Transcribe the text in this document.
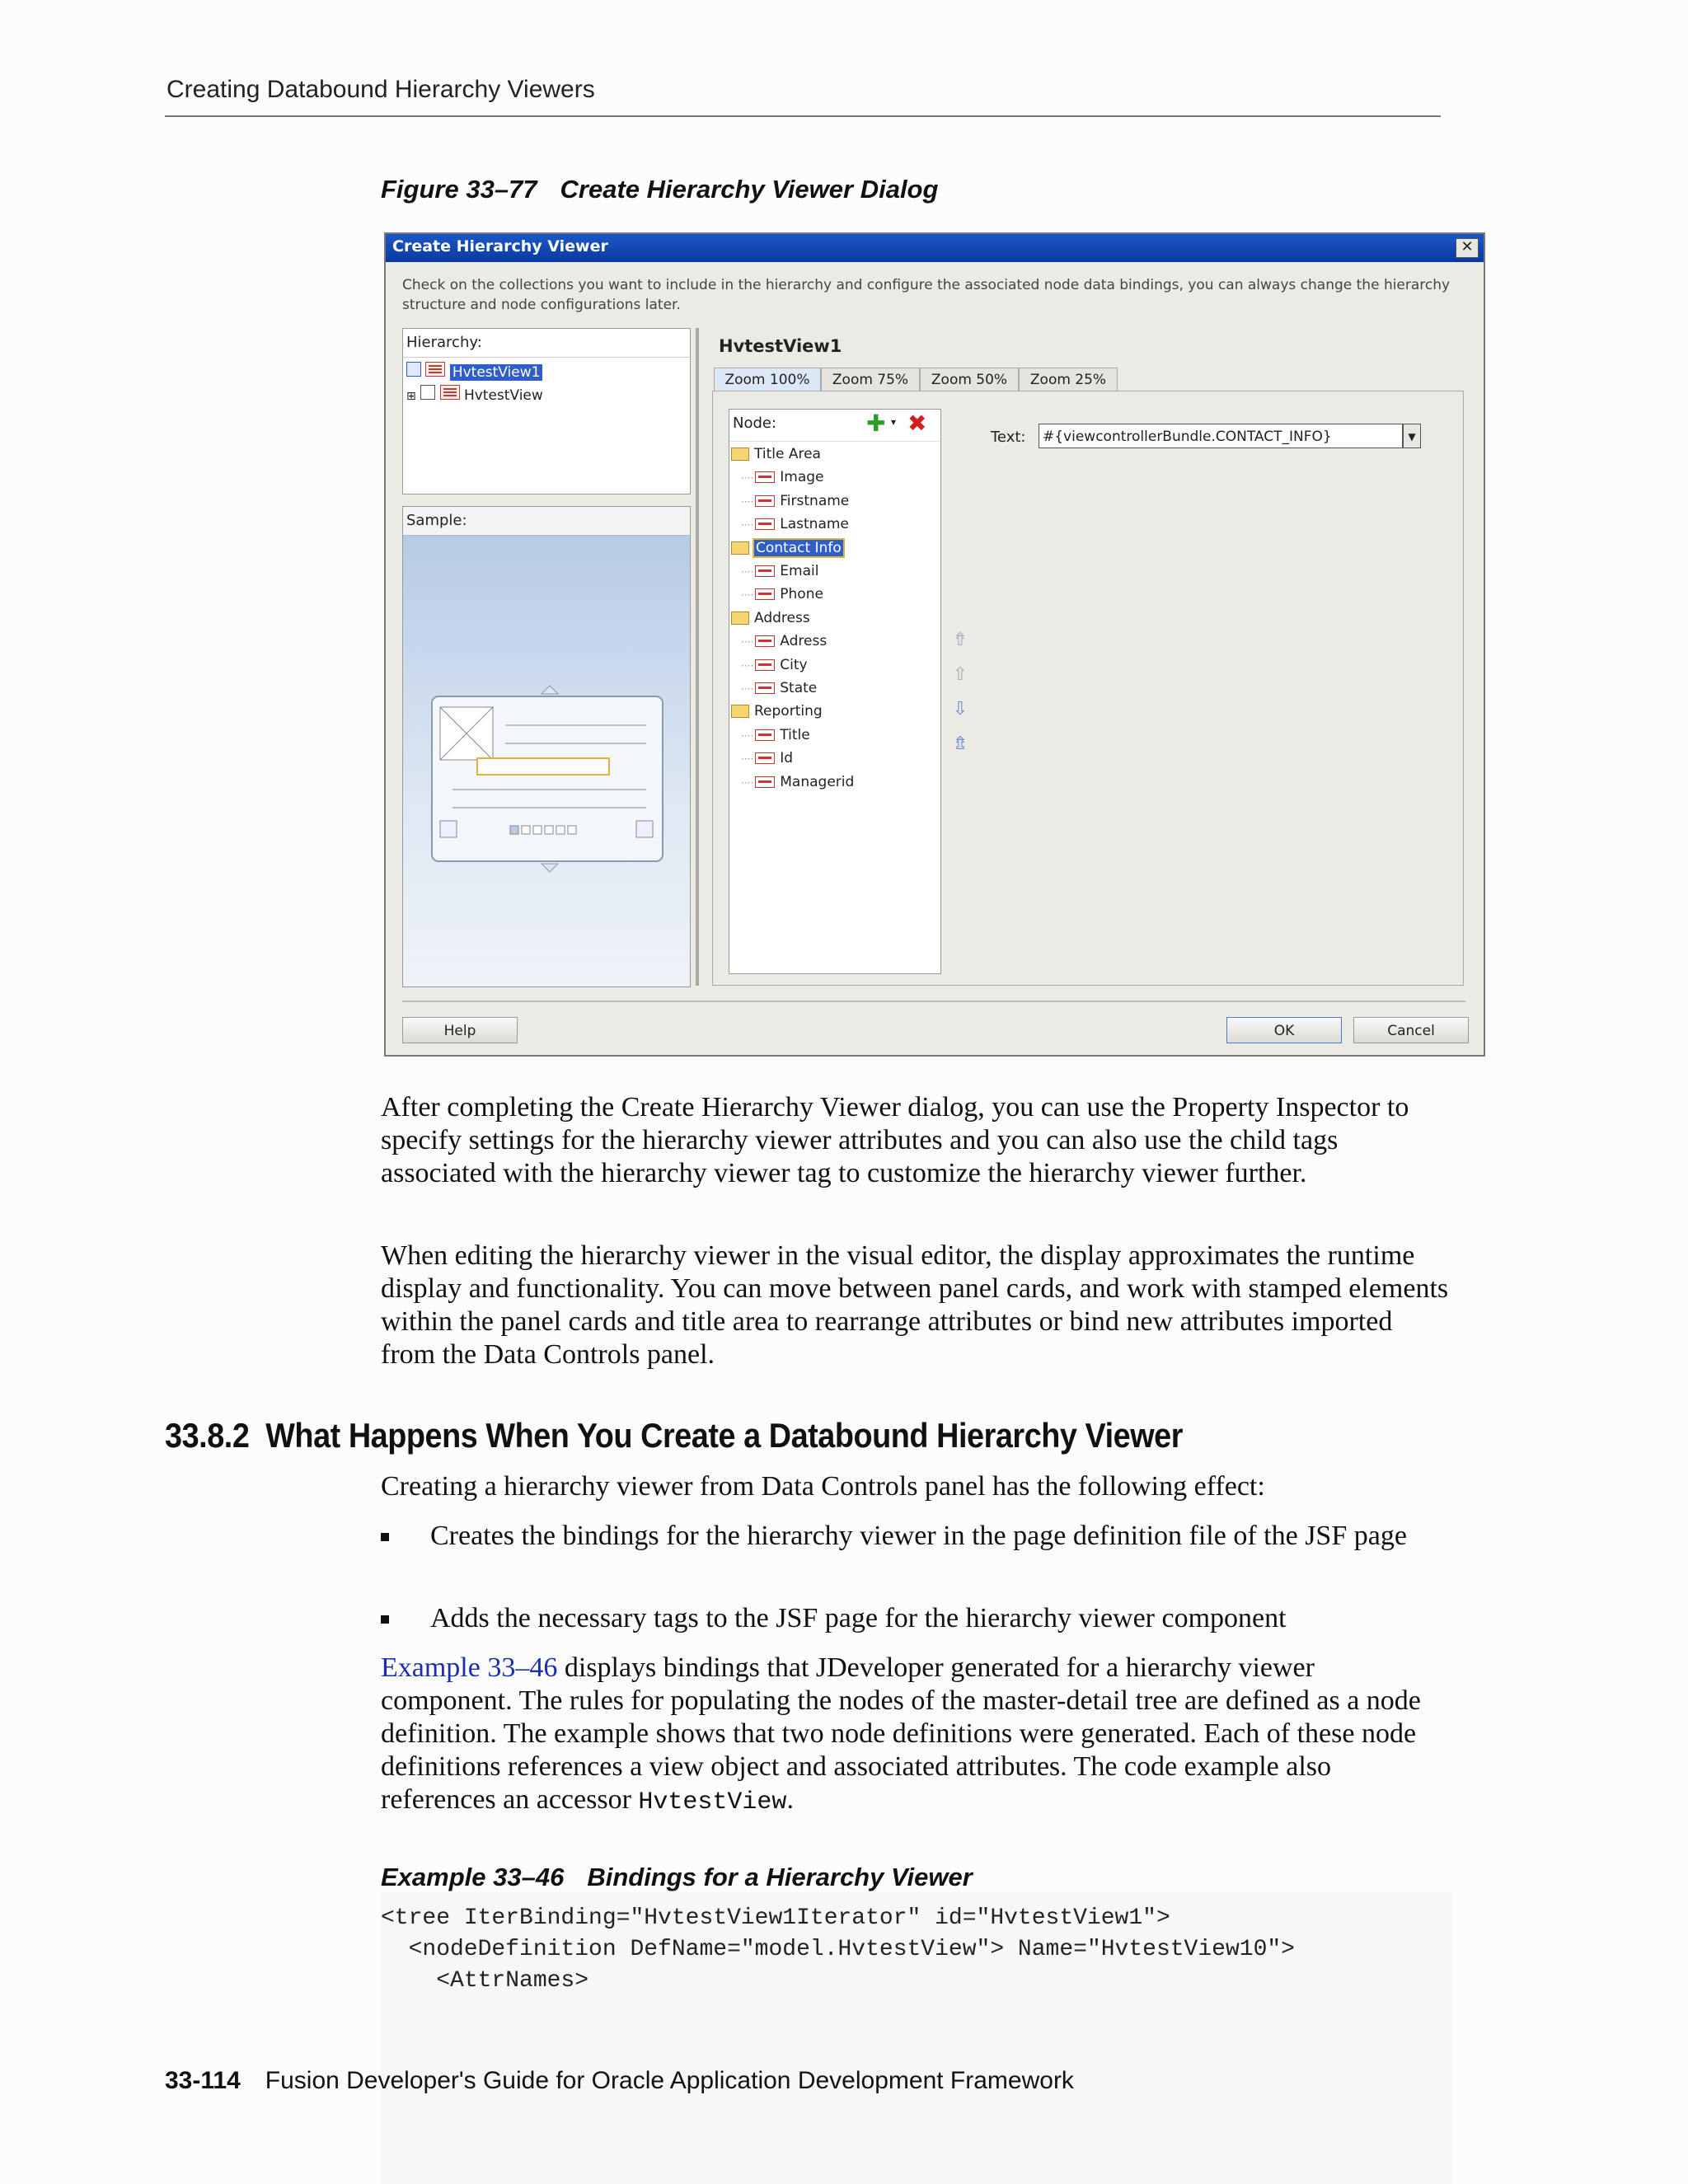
Creating Databound Hierarchy Viewers
Figure 33–77 Create Hierarchy Viewer Dialog
Create Hierarchy Viewer	✕
Check on the collections you want to include in the hierarchy and configure the associated node data bindings, you can always change the hierarchy structure and node configurations later.
Hierarchy:
HvtestView1
⊞	HvtestView
Sample:
HvtestView1
Zoom 100%	Zoom 75%	Zoom 50%	Zoom 25%
Node:	✚ ▾ ✖
Title Area
···· Image
···· Firstname
···· Lastname
Contact Info
···· Email
···· Phone
Address
···· Adress
···· City
···· State
Reporting
···· Title
···· Id
···· Managerid
⇮
⇧
⇩
⇯
Text: #{viewcontrollerBundle.CONTACT_INFO}	▼
Help	OK	Cancel
After completing the Create Hierarchy Viewer dialog, you can use the Property Inspector to specify settings for the hierarchy viewer attributes and you can also use the child tags associated with the hierarchy viewer tag to customize the hierarchy viewer further.
When editing the hierarchy viewer in the visual editor, the display approximates the runtime display and functionality. You can move between panel cards, and work with stamped elements within the panel cards and title area to rearrange attributes or bind new attributes imported from the Data Controls panel.
33.8.2 What Happens When You Create a Databound Hierarchy Viewer
Creating a hierarchy viewer from Data Controls panel has the following effect:
Creates the bindings for the hierarchy viewer in the page definition file of the JSF page
Adds the necessary tags to the JSF page for the hierarchy viewer component
Example 33–46 displays bindings that JDeveloper generated for a hierarchy viewer component. The rules for populating the nodes of the master-detail tree are defined as a node definition. The example shows that two node definitions were generated. Each of these node definitions references a view object and associated attributes. The code example also references an accessor HvtestView.
Example 33–46 Bindings for a Hierarchy Viewer
<tree IterBinding="HvtestView1Iterator" id="HvtestView1">
<nodeDefinition DefName="model.HvtestView"> Name="HvtestView10">
<AttrNames>
33-114 Fusion Developer's Guide for Oracle Application Development Framework
